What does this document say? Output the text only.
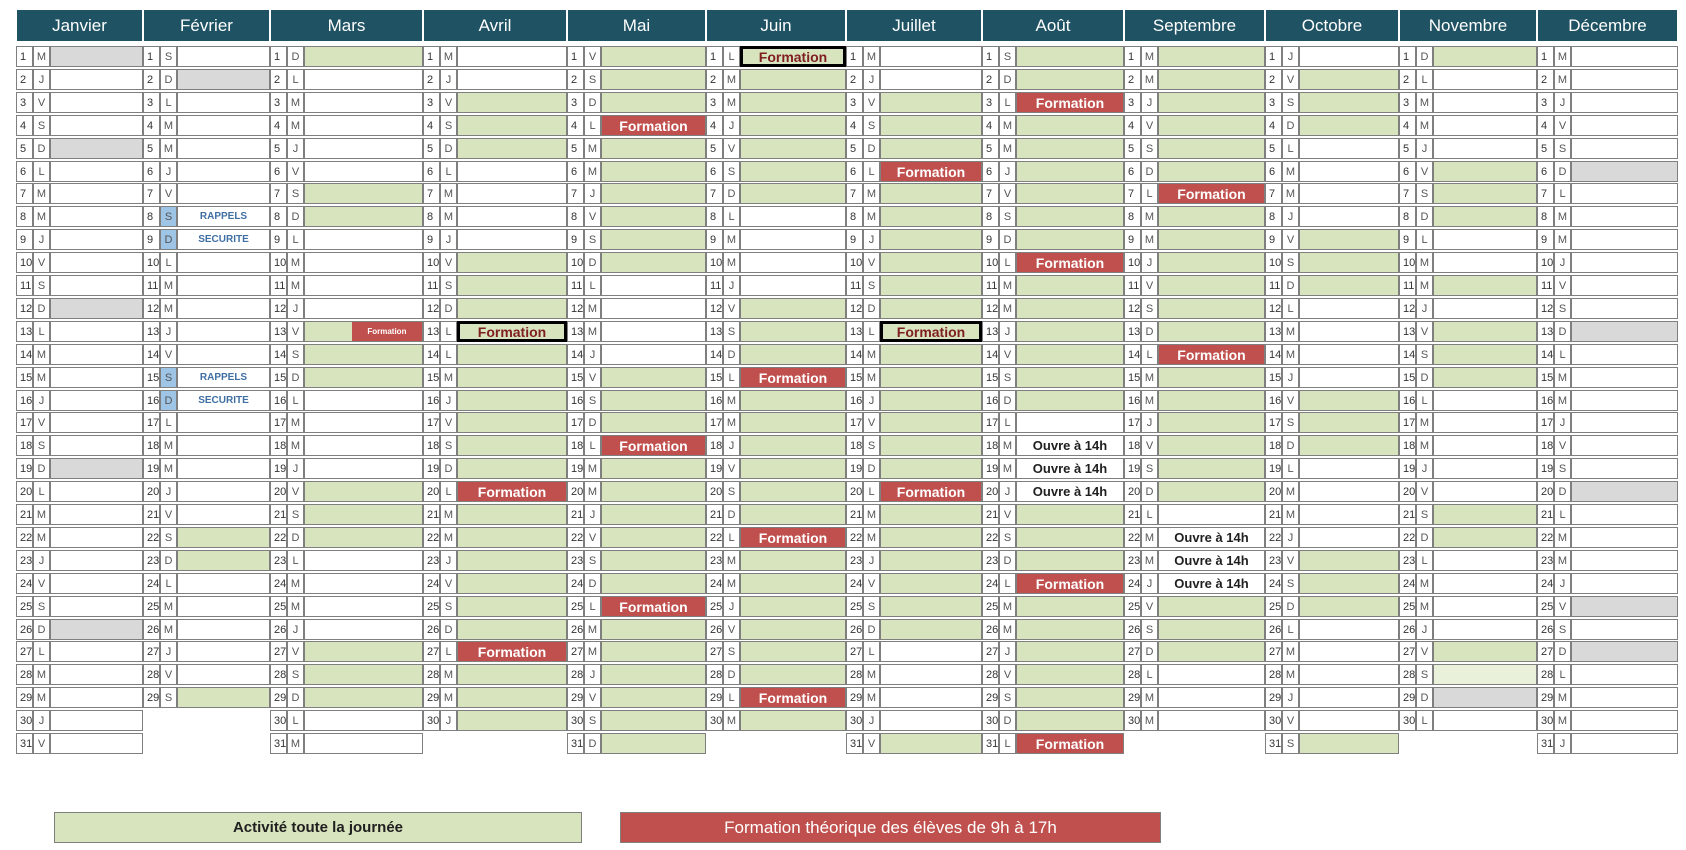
Janvier
1 M
2	J
3	V
4	S
5	D
6	L
7 M
8 M
9	J
10 V
11 S
12 D
13 L
14 M
15 M
16 J
17 V
18 S
19 D
20 L
21 M
22 M
23 J
24 V
25 S
26 D
27 L
28 M
29 M
30 J
31 V
Février
1	S
2	D
3	L
4 M
5 M
6	J
7	V
8	S	RAPPELS
9	D	SECURITE
10 L
11 M
12 M
13 J
14 V
15 S	RAPPELS
16 D	SECURITE
17 L
18 M
19 M
20 J
21 V
22 S
23 D
24 L
25 M
26 M
27 J
28 V
29 S
Mars
1	D
2	L
3 M
4 M
5	J
6	V
7	S
8	D
9	L
10 M
11 M
12 J
13 V	Formation
14 S
15 D
16 L
17 M
18 M
19 J
20 V
21 S
22 D
23 L
24 M
25 M
26 J
27 V
28 S
29 D
30 L
31 M
Avril
1 M
2	J
3	V
4	S
5	D
6	L
7 M
8 M
9	J
10 V
11 S
12 D
13 L	Formation
14 L
15 M
16 J
17 V
18 S
19 D
20 L	Formation
21 M
22 M
23 J
24 V
25 S
26 D
27 L	Formation
28 M
29 M
30 J
Mai
1	V
2	S
3	D
4	L	Formation
5 M
6 M
7	J
8	V
9	S
10 D
11 L
12 M
13 M
14 J
15 V
16 S
17 D
18 L	Formation
19 M
20 M
21 J
22 V
23 S
24 D
25 L	Formation
26 M
27 M
28 J
29 V
30 S
31 D
Juin
1	L	Formation
2 M
3 M
4	J
5	V
6	S
7	D
8	L
9 M
10 M
11 J
12 V
13 S
14 D
15 L	Formation
16 M
17 M
18 J
19 V
20 S
21 D
22 L	Formation
23 M
24 M
25 J
26 V
27 S
28 D
29 L	Formation
30 M
Juillet
1 M
2	J
3	V
4	S
5	D
6	L	Formation
7 M
8 M
9	J
10 V
11 S
12 D
13 L	Formation
14 M
15 M
16 J
17 V
18 S
19 D
20 L	Formation
21 M
22 M
23 J
24 V
25 S
26 D
27 L
28 M
29 M
30 J
31 V
Août
1	S
2	D
3	L	Formation
4 M
5 M
6	J
7	V
8	S
9	D
10 L	Formation
11 M
12 M
13 J
14 V
15 S
16 D
17 L
18 M	Ouvre à 14h
19 M	Ouvre à 14h
20 J	Ouvre à 14h
21 V
22 S
23 D
24 L	Formation
25 M
26 M
27 J
28 V
29 S
30 D
31 L	Formation
Septembre
1 M
2 M
3	J
4	V
5	S
6	D
7	L	Formation
8 M
9 M
10 J
11 V
12 S
13 D
14 L	Formation
15 M
16 M
17 J
18 V
19 S
20 D
21 L
22 M	Ouvre à 14h
23 M	Ouvre à 14h
24 J	Ouvre à 14h
25 V
26 S
27 D
28 L
29 M
30 M
Octobre
1	J
2	V
3	S
4	D
5	L
6 M
7 M
8	J
9	V
10 S
11 D
12 L
13 M
14 M
15 J
16 V
17 S
18 D
19 L
20 M
21 M
22 J
23 V
24 S
25 D
26 L
27 M
28 M
29 J
30 V
31 S
Novembre
1	D
2	L
3 M
4 M
5	J
6	V
7	S
8	D
9	L
10 M
11 M
12 J
13 V
14 S
15 D
16 L
17 M
18 M
19 J
20 V
21 S
22 D
23 L
24 M
25 M
26 J
27 V
28 S
29 D
30 L
Décembre
1 M
2 M
3	J
4	V
5	S
6	D
7	L
8 M
9 M
10 J
11 V
12 S
13 D
14 L
15 M
16 M
17 J
18 V
19 S
20 D
21 L
22 M
23 M
24 J
25 V
26 S
27 D
28 L
29 M
30 M
31 J
Activité toute la journée	Formation théorique des élèves de 9h à 17h
